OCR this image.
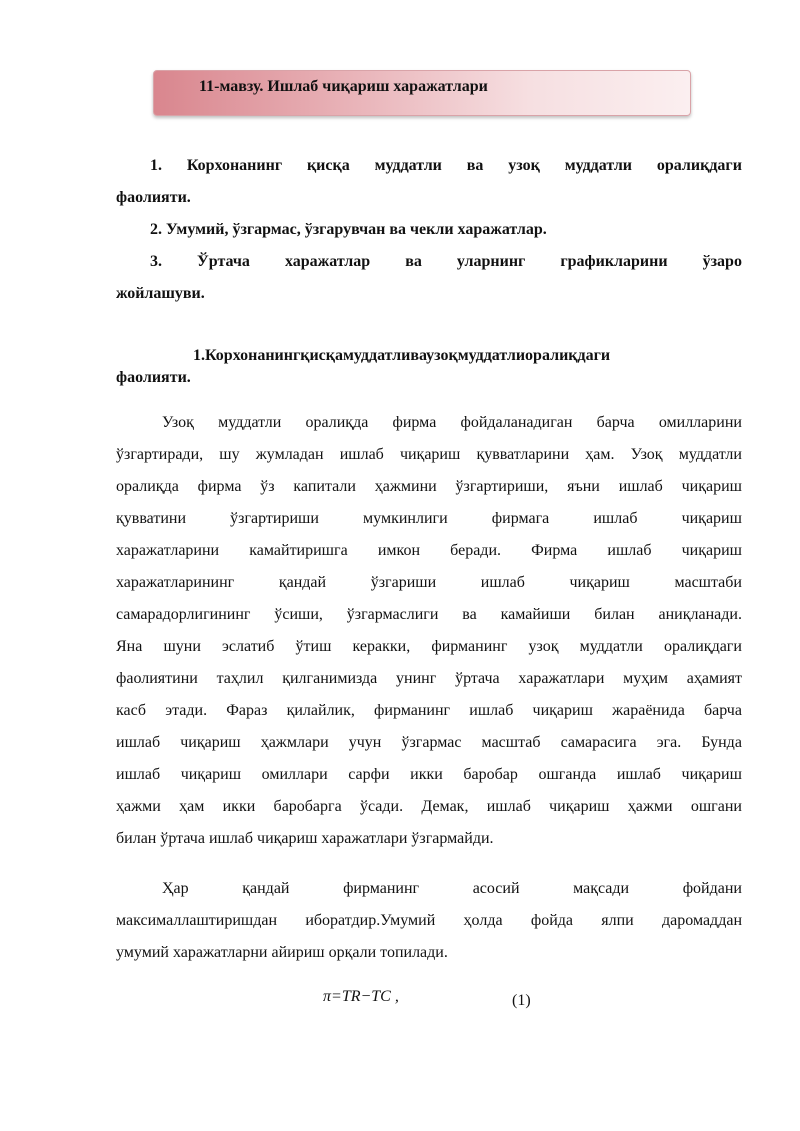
11-мавзу. Ишлаб чиқариш харажатлари
1. Корхонанинг қисқа муддатли ва узоқ муддатли оралиқдаги
фаолияти.
2. Умумий, ўзгармас, ўзгарувчан ва чекли харажатлар.
3. Ўртача харажатлар ва уларнинг графикларини ўзаро
жойлашуви.
1.Корхонанингқисқамуддатливаузоқмуддатлиоралиқдаги
фаолияти.
Узоқ муддатли оралиқда фирма фойдаланадиган барча омилларини
ўзгартиради, шу жумладан ишлаб чиқариш қувватларини ҳам. Узоқ муддатли
оралиқда фирма ўз капитали ҳажмини ўзгартириши, яъни ишлаб чиқариш
қувватини	ўзгартириши	мумкинлиги	фирмага	ишлаб	чиқариш
харажатларини камайтиришга имкон беради. Фирма ишлаб чиқариш
харажатларининг	қандай	ўзгариши	ишлаб	чиқариш	масштаби
самарадорлигининг ўсиши, ўзгармаслиги ва камайиши билан аниқланади.
Яна шуни эслатиб ўтиш керакки, фирманинг узоқ муддатли оралиқдаги
фаолиятини таҳлил қилганимизда унинг ўртача харажатлари муҳим аҳамият
касб этади. Фараз қилайлик, фирманинг ишлаб чиқариш жараёнида барча
ишлаб чиқариш ҳажмлари учун ўзгармас масштаб самарасига эга. Бунда
ишлаб чиқариш омиллари сарфи икки баробар ошганда ишлаб чиқариш
ҳажми ҳам икки баробарга ўсади. Демак, ишлаб чиқариш ҳажми ошгани
билан ўртача ишлаб чиқариш харажатлари ўзгармайди.
Ҳар	қандай	фирманинг	асосий	мақсади	фойдани
максималлаштиришдан иборатдир.Умумий ҳолда фойда ялпи даромаддан
умумий харажатларни айириш орқали топилади.
π=TR−TC ,	(1)
